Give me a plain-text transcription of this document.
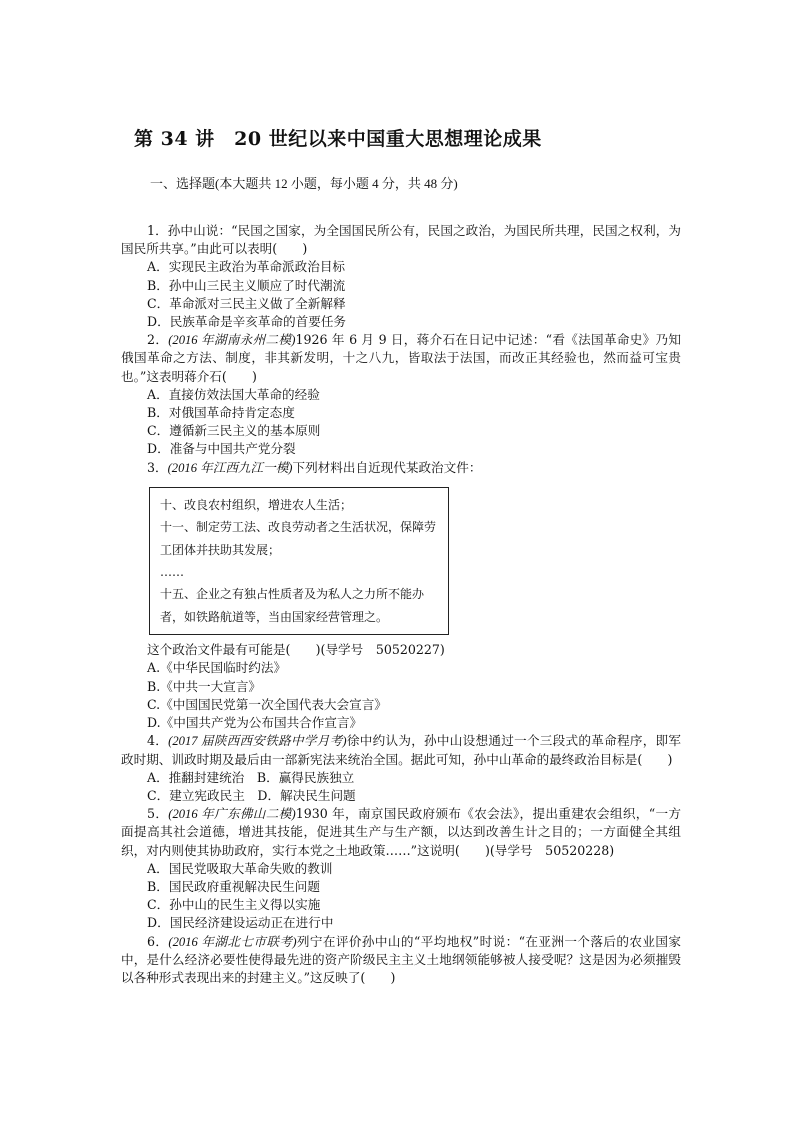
第 34 讲　20 世纪以来中国重大思想理论成果
一、选择题(本大题共 12 小题，每小题 4 分，共 48 分)

1．孙中山说：“民国之国家，为全国国民所公有，民国之政治，为国民所共理，民国之权利，为国民所共享。”由此可以表明(　　)

A．实现民主政治为革命派政治目标

B．孙中山三民主义顺应了时代潮流

C．革命派对三民主义做了全新解释

D．民族革命是辛亥革命的首要任务

2．(2016 年湖南永州二模)1926 年 6 月 9 日，蒋介石在日记中记述：“看《法国革命史》乃知俄国革命之方法、制度，非其新发明，十之八九，皆取法于法国，而改正其经验也，然而益可宝贵也。”这表明蒋介石(　　)

A．直接仿效法国大革命的经验

B．对俄国革命持肯定态度

C．遵循新三民主义的基本原则

D．准备与中国共产党分裂

3．(2016 年江西九江一模)下列材料出自近现代某政治文件：

十、改良农村组织，增进农人生活；

十一、制定劳工法、改良劳动者之生活状况，保障劳工团体并扶助其发展；

……

十五、企业之有独占性质者及为私人之力所不能办者，如铁路航道等，当由国家经营管理之。

这个政治文件最有可能是(　　)(导学号　50520227)

A.《中华民国临时约法》

B.《中共一大宣言》

C.《中国国民党第一次全国代表大会宣言》

D.《中国共产党为公布国共合作宣言》

4．(2017 届陕西西安铁路中学月考)徐中约认为，孙中山设想通过一个三段式的革命程序，即军政时期、训政时期及最后由一部新宪法来统治全国。据此可知，孙中山革命的最终政治目标是(　　)

A．推翻封建统治　 B．赢得民族独立

C．建立宪政民主　 D．解决民生问题

5．(2016 年广东佛山二模)1930 年，南京国民政府颁布《农会法》，提出重建农会组织，“一方面提高其社会道德，增进其技能，促进其生产与生产额，以达到改善生计之目的；一方面健全其组织，对内则使其协助政府，实行本党之土地政策……”这说明(　　)(导学号　50520228)

A．国民党吸取大革命失败的教训

B．国民政府重视解决民生问题

C．孙中山的民生主义得以实施

D．国民经济建设运动正在进行中

6．(2016 年湖北七市联考)列宁在评价孙中山的“平均地权”时说：“在亚洲一个落后的农业国家中，是什么经济必要性使得最先进的资产阶级民主主义土地纲领能够被人接受呢？这是因为必须摧毁以各种形式表现出来的封建主义。”这反映了(　　)
